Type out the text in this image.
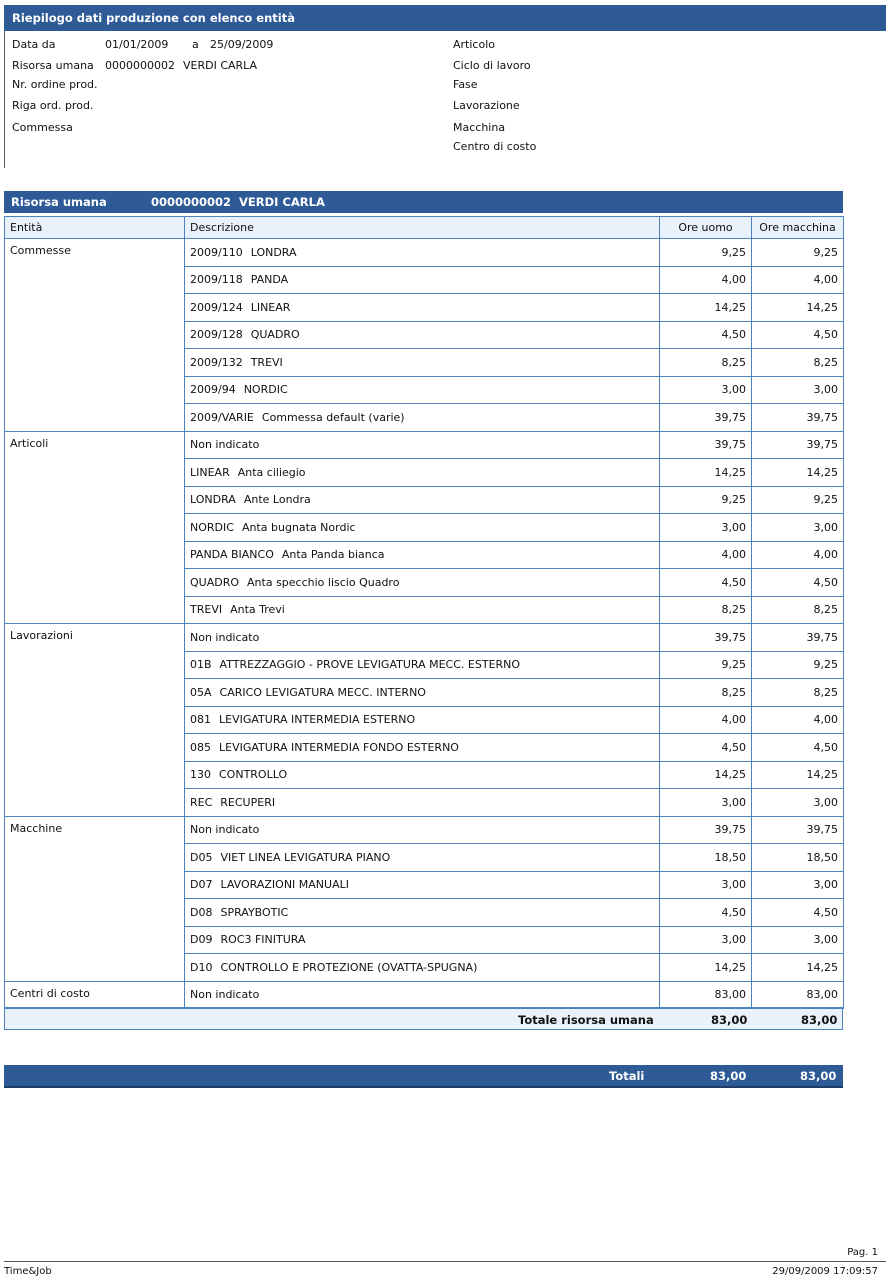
Riepilogo dati produzione con elenco entità
Data da	01/01/2009 a 25/09/2009
Risorsa umana 0000000002 VERDI CARLA
Nr. ordine prod.
Riga ord. prod.
Commessa
Articolo
Ciclo di lavoro
Fase
Lavorazione
Macchina
Centro di costo
Risorsa umana	0000000002 VERDI CARLA
Entità	Descrizione	Ore uomo	Ore macchina
Commesse	2009/110 LONDRA	9,25	9,25
	2009/118 PANDA	4,00	4,00
	2009/124 LINEAR	14,25	14,25
	2009/128 QUADRO	4,50	4,50
	2009/132 TREVI	8,25	8,25
	2009/94 NORDIC	3,00	3,00
	2009/VARIE Commessa default (varie)	39,75	39,75
Articoli	Non indicato	39,75	39,75
	LINEAR Anta ciliegio	14,25	14,25
	LONDRA Ante Londra	9,25	9,25
	NORDIC Anta bugnata Nordic	3,00	3,00
	PANDA BIANCO Anta Panda bianca	4,00	4,00
	QUADRO Anta specchio liscio Quadro	4,50	4,50
	TREVI Anta Trevi	8,25	8,25
Lavorazioni	Non indicato	39,75	39,75
	01B ATTREZZAGGIO - PROVE LEVIGATURA MECC. ESTERNO	9,25	9,25
	05A CARICO LEVIGATURA MECC. INTERNO	8,25	8,25
	081 LEVIGATURA INTERMEDIA ESTERNO	4,00	4,00
	085 LEVIGATURA INTERMEDIA FONDO ESTERNO	4,50	4,50
	130 CONTROLLO	14,25	14,25
	REC RECUPERI	3,00	3,00
Macchine	Non indicato	39,75	39,75
	D05 VIET LINEA LEVIGATURA PIANO	18,50	18,50
	D07 LAVORAZIONI MANUALI	3,00	3,00
	D08 SPRAYBOTIC	4,50	4,50
	D09 ROC3 FINITURA	3,00	3,00
	D10 CONTROLLO E PROTEZIONE (OVATTA-SPUGNA)	14,25	14,25
Centri di costo	Non indicato	83,00	83,00
Totale risorsa umana	83,00	83,00
Totali	83,00	83,00
Pag. 1
Time&Job	29/09/2009 17:09:57
